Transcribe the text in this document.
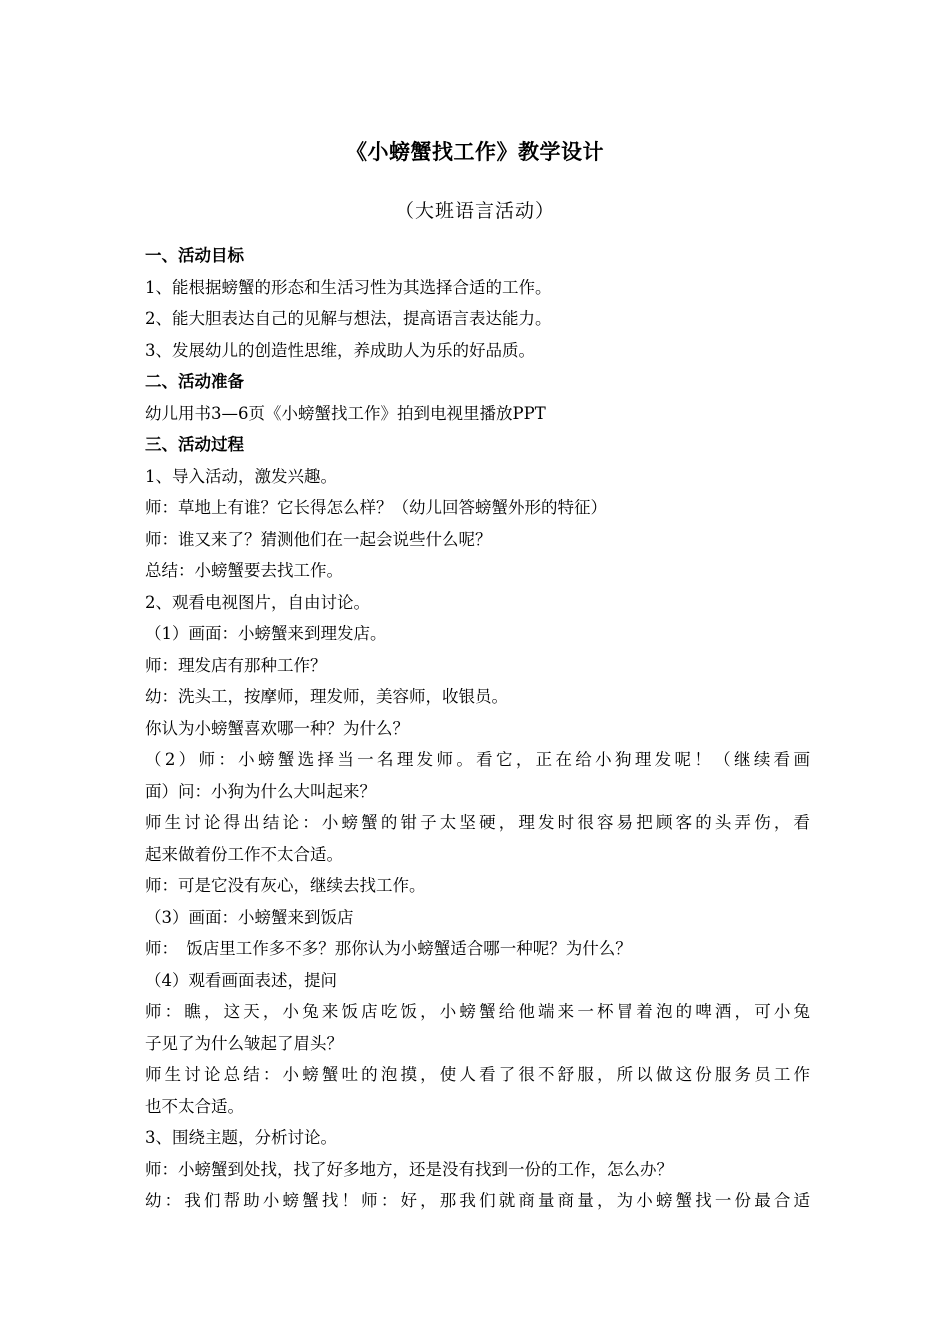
《小螃蟹找工作》教学设计
（大班语言活动）
一、活动目标
1、能根据螃蟹的形态和生活习性为其选择合适的工作。
2、能大胆表达自己的见解与想法，提高语言表达能力。
3、发展幼儿的创造性思维，养成助人为乐的好品质。
二、活动准备
幼儿用书3—6页《小螃蟹找工作》拍到电视里播放PPT
三、活动过程
1、导入活动，激发兴趣。
师：草地上有谁？它长得怎么样？（幼儿回答螃蟹外形的特征）
师：谁又来了？猜测他们在一起会说些什么呢？
总结：小螃蟹要去找工作。
2、观看电视图片，自由讨论。
（1）画面：小螃蟹来到理发店。
师：理发店有那种工作？
幼：洗头工，按摩师，理发师，美容师，收银员。
你认为小螃蟹喜欢哪一种？为什么？
（2）师：小螃蟹选择当一名理发师。看它，正在给小狗理发呢！（继续看画
面）问：小狗为什么大叫起来？
师生讨论得出结论：小螃蟹的钳子太坚硬，理发时很容易把顾客的头弄伤，看
起来做着份工作不太合适。
师：可是它没有灰心，继续去找工作。
（3）画面：小螃蟹来到饭店
师：　饭店里工作多不多？那你认为小螃蟹适合哪一种呢？为什么？
（4）观看画面表述，提问
师：瞧，这天，小兔来饭店吃饭，小螃蟹给他端来一杯冒着泡的啤酒，可小兔
子见了为什么皱起了眉头？
师生讨论总结：小螃蟹吐的泡摸，使人看了很不舒服，所以做这份服务员工作
也不太合适。
3、围绕主题，分析讨论。
师：小螃蟹到处找，找了好多地方，还是没有找到一份的工作，怎么办？
幼：我们帮助小螃蟹找！师：好，那我们就商量商量，为小螃蟹找一份最合适
